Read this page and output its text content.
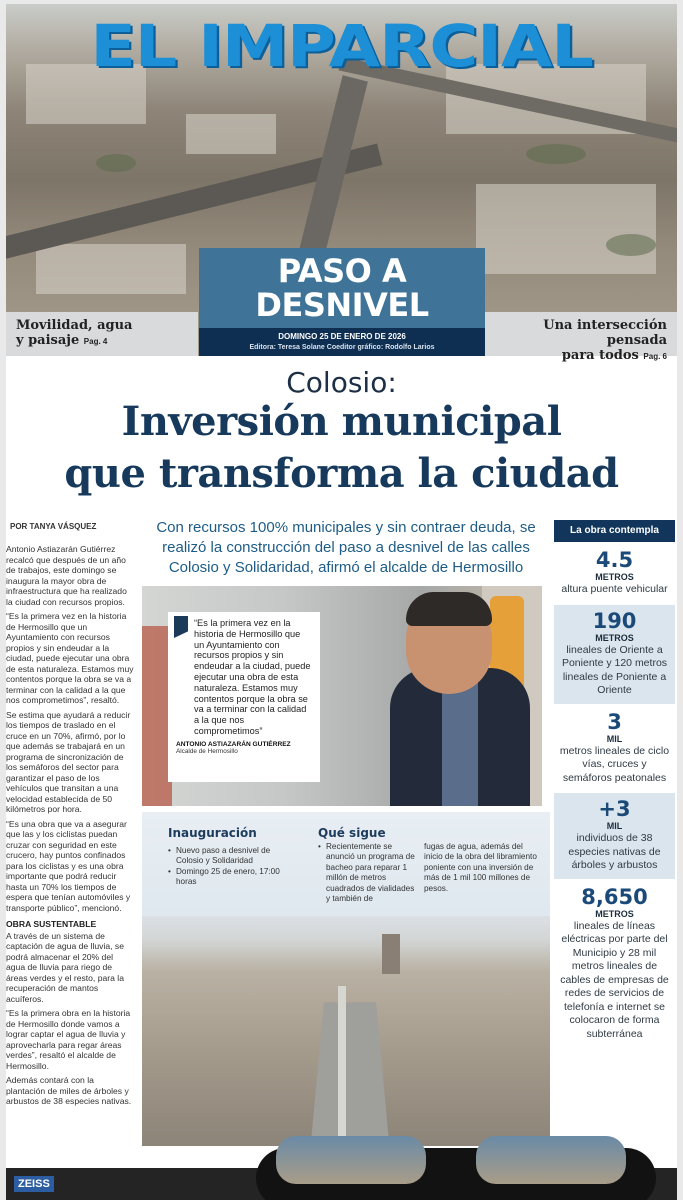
EL IMPARCIAL
Movilidad, agua
y paisaje Pag. 4
Una intersección pensada
para todos Pag. 6
PASO A
DESNIVEL
DOMINGO 25 DE ENERO DE 2026
Editora: Teresa Solane Coeditor gráfico: Rodolfo Larios
Colosio:
Inversión municipal
que transforma la ciudad
POR TANYA VÁSQUEZ

Antonio Astiazarán Gutiérrez recalcó que después de un año de trabajos, este domingo se inaugura la mayor obra de infraestructura que ha realizado la ciudad con recursos propios.

“Es la primera vez en la historia de Hermosillo que un Ayuntamiento con recursos propios y sin endeudar a la ciudad, puede ejecutar una obra de esta naturaleza. Estamos muy contentos porque la obra se va a terminar con la calidad a la que nos comprometimos”, resaltó.

Se estima que ayudará a reducir los tiempos de traslado en el cruce en un 70%, afirmó, por lo que además se trabajará en un programa de sincronización de los semáforos del sector para garantizar el paso de los vehículos que transitan a una velocidad establecida de 50 kilómetros por hora.

“Es una obra que va a asegurar que las y los ciclistas puedan cruzar con seguridad en este crucero, hay puntos confinados para los ciclistas y es una obra importante que podrá reducir hasta un 70% los tiempos de espera que tenían automóviles y transporte público”, mencionó.

OBRA SUSTENTABLE

A través de un sistema de captación de agua de lluvia, se podrá almacenar el 20% del agua de lluvia para riego de áreas verdes y el resto, para la recuperación de mantos acuíferos.

“Es la primera obra en la historia de Hermosillo donde vamos a lograr captar el agua de lluvia y aprovecharla para regar áreas verdes”, resaltó el alcalde de Hermosillo.

Además contará con la plantación de miles de árboles y arbustos de 38 especies nativas.

Con recursos 100% municipales y sin contraer deuda, se realizó la construcción del paso a desnivel de las calles Colosio y Solidaridad, afirmó el alcalde de Hermosillo
“Es la primera vez en la historia de Hermosillo que un Ayuntamiento con recursos propios y sin endeudar a la ciudad, puede ejecutar una obra de esta naturaleza. Estamos muy contentos porque la obra se va a terminar con la calidad a la que nos comprometimos”
ANTONIO ASTIAZARÁN GUTIÉRREZ
Alcalde de Hermosillo
Inauguración
• Nuevo paso a desnivel de Colosio y Solidaridad
• Domingo 25 de enero, 17:00 horas
Qué sigue
• Recientemente se anunció un programa de bacheo para reparar 1 millón de metros cuadrados de vialidades y también de
fugas de agua, además del inicio de la obra del libramiento poniente con una inversión de más de 1 mil 100 millones de pesos.
La obra contempla
4.5
METROS
altura puente vehicular
190
METROS
lineales de Oriente a Poniente y 120 metros lineales de Poniente a Oriente
3
MIL
metros lineales de ciclo vías, cruces y semáforos peatonales
+3
MIL
individuos de 38 especies nativas de árboles y arbustos
8,650
METROS
lineales de líneas eléctricas por parte del Municipio y 28 mil metros lineales de cables de empresas de redes de servicios de telefonía e internet se colocaron de forma subterránea
ZEISS
